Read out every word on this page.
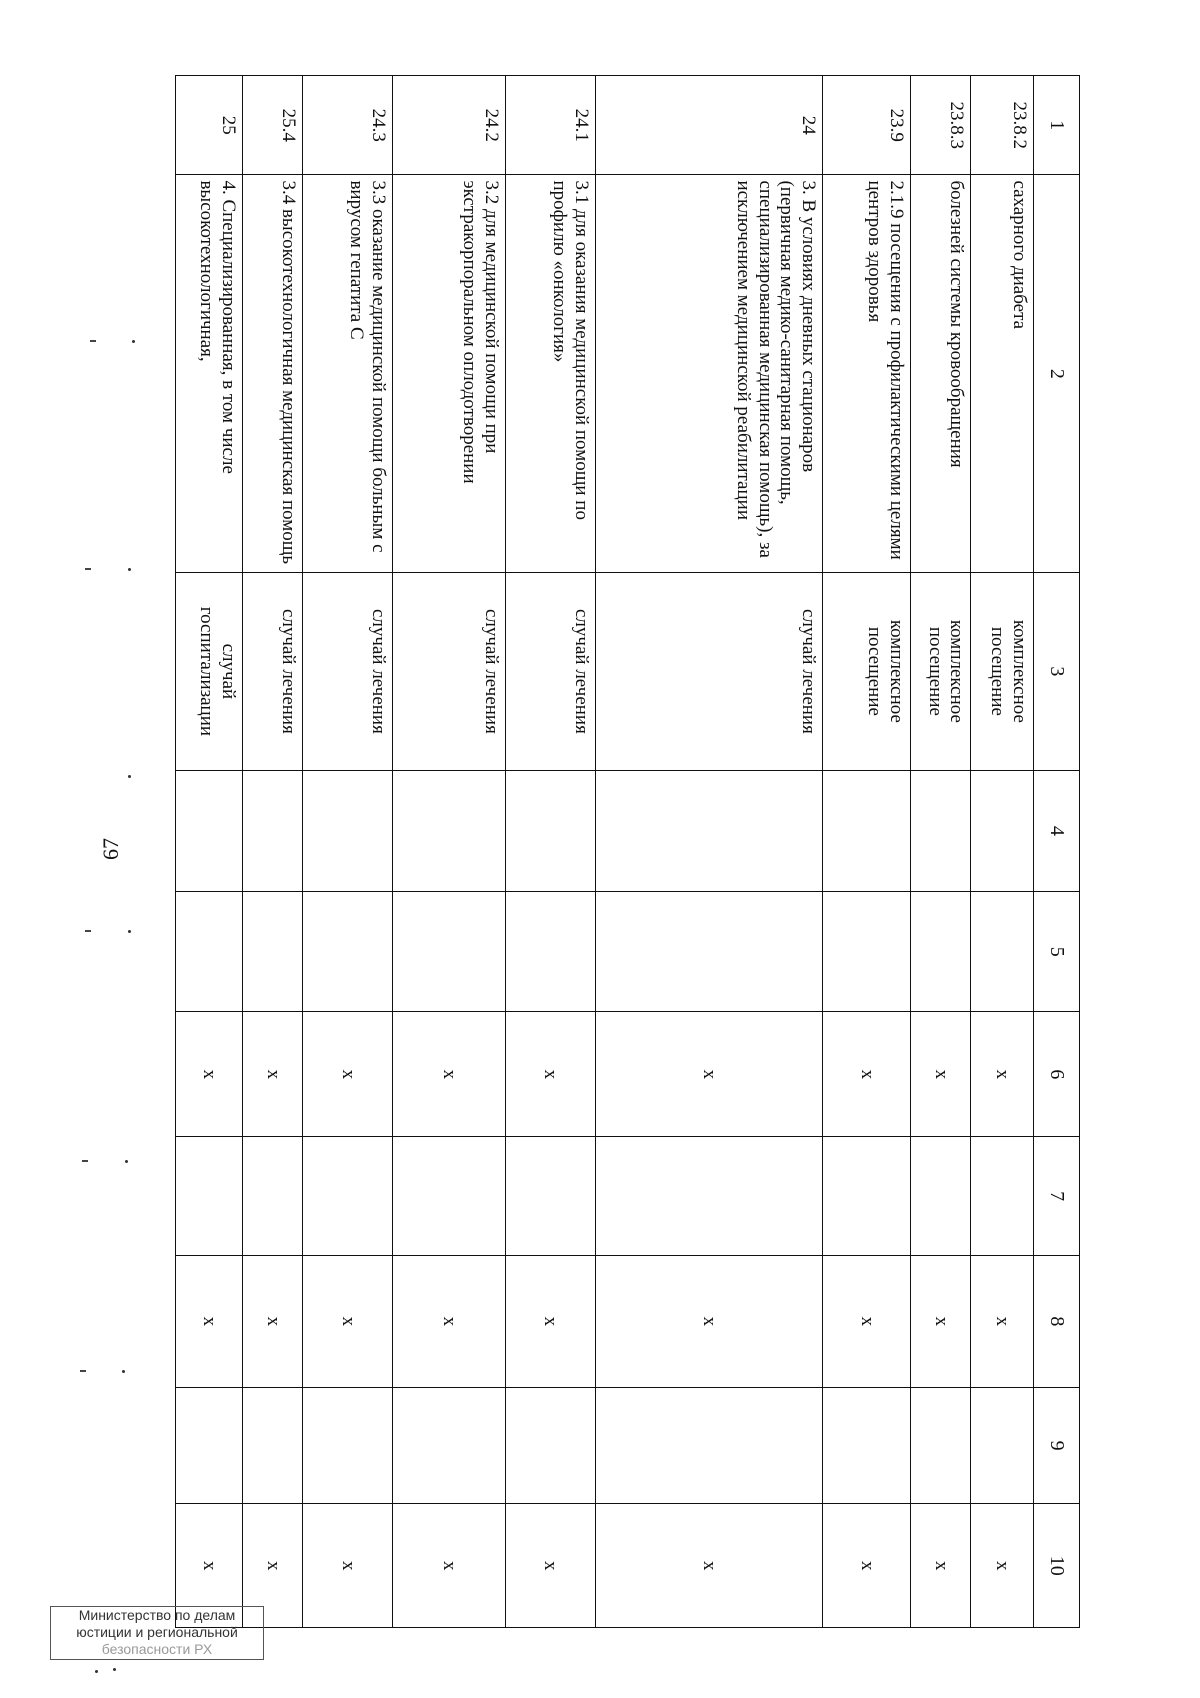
67
1	2	3	4	5	6	7	8	9	10
23.8.2	сахарного диабета	комплексное посещение			х		х		х
23.8.3	болезней системы кровообращения	комплексное посещение			х		х		х
23.9	2.1.9 посещения с профилактическими целями центров здоровья	комплексное посещение			х		х		х
24	3. В условиях дневных стационаров (первичная медико-санитарная помощь, специализированная медицинская помощь), за исключением медицинской реабилитации	случай лечения			х		х		х
24.1	3.1 для оказания медицинской помощи по профилю «онкология»	случай лечения			х		х		х
24.2	3.2 для медицинской помощи при экстракорпоральном оплодотворении	случай лечения			х		х		х
24.3	3.3 оказание медицинской помощи больным с вирусом гепатита С	случай лечения			х		х		х
25.4	3.4 высокотехнологичная медицинская помощь	случай лечения			х		х		х
25	4. Специализированная, в том числе высокотехнологичная,	случай госпитализации			х		х		х
Министерство по делам
юстиции и региональной
безопасности РХ
